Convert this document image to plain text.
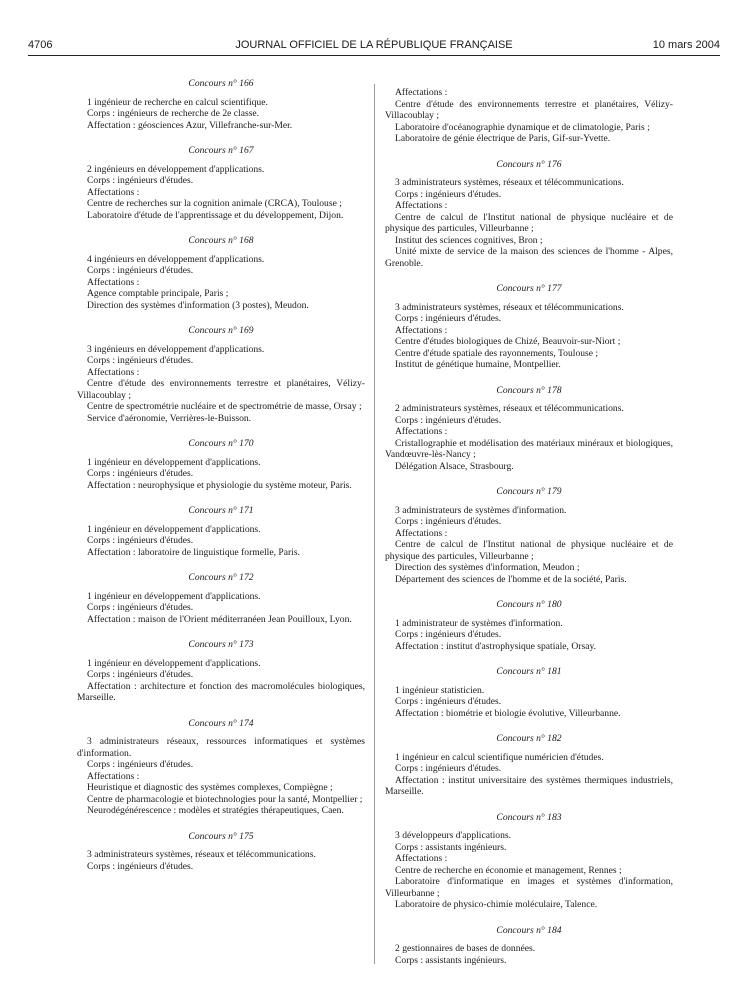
4706	JOURNAL OFFICIEL DE LA RÉPUBLIQUE FRANÇAISE	10 mars 2004

Concours n° 166

1 ingénieur de recherche en calcul scientifique.

Corps : ingénieurs de recherche de 2e classe.

Affectation : géosciences Azur, Villefranche-sur-Mer.

Concours n° 167

2 ingénieurs en développement d'applications.

Corps : ingénieurs d'études.

Affectations :

Centre de recherches sur la cognition animale (CRCA), Toulouse ;

Laboratoire d'étude de l'apprentissage et du développement, Dijon.

Concours n° 168

4 ingénieurs en développement d'applications.

Corps : ingénieurs d'études.

Affectations :

Agence comptable principale, Paris ;

Direction des systèmes d'information (3 postes), Meudon.

Concours n° 169

3 ingénieurs en développement d'applications.

Corps : ingénieurs d'études.

Affectations :

Centre d'étude des environnements terrestre et planétaires, Vélizy-Villacoublay ;

Centre de spectrométrie nucléaire et de spectrométrie de masse, Orsay ;

Service d'aéronomie, Verrières-le-Buisson.

Concours n° 170

1 ingénieur en développement d'applications.

Corps : ingénieurs d'études.

Affectation : neurophysique et physiologie du système moteur, Paris.

Concours n° 171

1 ingénieur en développement d'applications.

Corps : ingénieurs d'études.

Affectation : laboratoire de linguistique formelle, Paris.

Concours n° 172

1 ingénieur en développement d'applications.

Corps : ingénieurs d'études.

Affectation : maison de l'Orient méditerranéen Jean Pouilloux, Lyon.

Concours n° 173

1 ingénieur en développement d'applications.

Corps : ingénieurs d'études.

Affectation : architecture et fonction des macromolécules biologiques, Marseille.

Concours n° 174

3 administrateurs réseaux, ressources informatiques et systèmes d'information.

Corps : ingénieurs d'études.

Affectations :

Heuristique et diagnostic des systèmes complexes, Compiègne ;

Centre de pharmacologie et biotechnologies pour la santé, Montpellier ;

Neurodégénérescence : modèles et stratégies thérapeutiques, Caen.

Concours n° 175

3 administrateurs systèmes, réseaux et télécommunications.

Corps : ingénieurs d'études.

Affectations :

Centre d'étude des environnements terrestre et planétaires, Vélizy-Villacoublay ;

Laboratoire d'océanographie dynamique et de climatologie, Paris ;

Laboratoire de génie électrique de Paris, Gif-sur-Yvette.

Concours n° 176

3 administrateurs systèmes, réseaux et télécommunications.

Corps : ingénieurs d'études.

Affectations :

Centre de calcul de l'Institut national de physique nucléaire et de physique des particules, Villeurbanne ;

Institut des sciences cognitives, Bron ;

Unité mixte de service de la maison des sciences de l'homme - Alpes, Grenoble.

Concours n° 177

3 administrateurs systèmes, réseaux et télécommunications.

Corps : ingénieurs d'études.

Affectations :

Centre d'études biologiques de Chizé, Beauvoir-sur-Niort ;

Centre d'étude spatiale des rayonnements, Toulouse ;

Institut de génétique humaine, Montpellier.

Concours n° 178

2 administrateurs systèmes, réseaux et télécommunications.

Corps : ingénieurs d'études.

Affectations :

Cristallographie et modélisation des matériaux minéraux et biologiques, Vandœuvre-lès-Nancy ;

Délégation Alsace, Strasbourg.

Concours n° 179

3 administrateurs de systèmes d'information.

Corps : ingénieurs d'études.

Affectations :

Centre de calcul de l'Institut national de physique nucléaire et de physique des particules, Villeurbanne ;

Direction des systèmes d'information, Meudon ;

Département des sciences de l'homme et de la société, Paris.

Concours n° 180

1 administrateur de systèmes d'information.

Corps : ingénieurs d'études.

Affectation : institut d'astrophysique spatiale, Orsay.

Concours n° 181

1 ingénieur statisticien.

Corps : ingénieurs d'études.

Affectation : biométrie et biologie évolutive, Villeurbanne.

Concours n° 182

1 ingénieur en calcul scientifique numéricien d'études.

Corps : ingénieurs d'études.

Affectation : institut universitaire des systèmes thermiques industriels, Marseille.

Concours n° 183

3 développeurs d'applications.

Corps : assistants ingénieurs.

Affectations :

Centre de recherche en économie et management, Rennes ;

Laboratoire d'informatique en images et systèmes d'information, Villeurbanne ;

Laboratoire de physico-chimie moléculaire, Talence.

Concours n° 184

2 gestionnaires de bases de données.

Corps : assistants ingénieurs.
